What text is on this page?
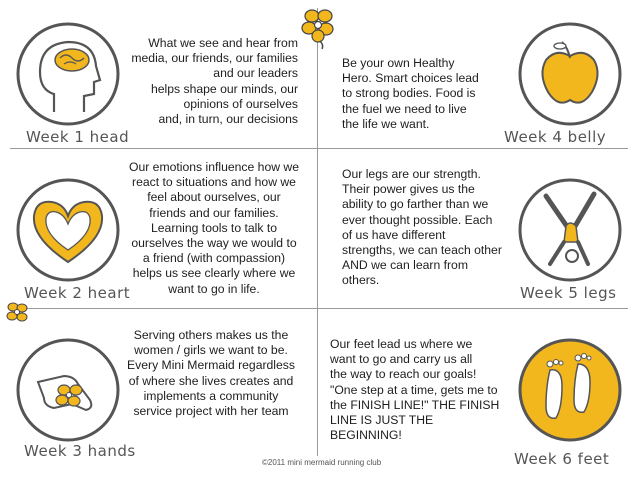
Week 1 head

What we see and hear from
media, our friends, our families
and our leaders
helps shape our minds, our
opinions of ourselves
and, in turn, our decisions

Week 4 belly

Be your own Healthy
Hero. Smart choices lead
to strong bodies. Food is
the fuel we need to live
the life we want.

Week 2 heart

Our emotions influence how we
react to situations and how we
feel about ourselves, our
friends and our families.
Learning tools to talk to
ourselves the way we would to
a friend (with compassion)
helps us see clearly where we
want to go in life.	Week 5 legs

Our legs are our strength.
Their power gives us the
ability to go farther than we
ever thought possible. Each
of us have different
strengths, we can teach other
AND we can learn from
others.

Week 3 hands

Serving others makes us the
women / girls we want to be.
Every Mini Mermaid regardless
of where she lives creates and
implements a community
service project with her team

Week 6 feet

Our feet lead us where we
want to go and carry us all
the way to reach our goals!
"One step at a time, gets me to
the FINISH LINE!" THE FINISH
LINE IS JUST THE
BEGINNING!

©2011 mini mermaid running club
